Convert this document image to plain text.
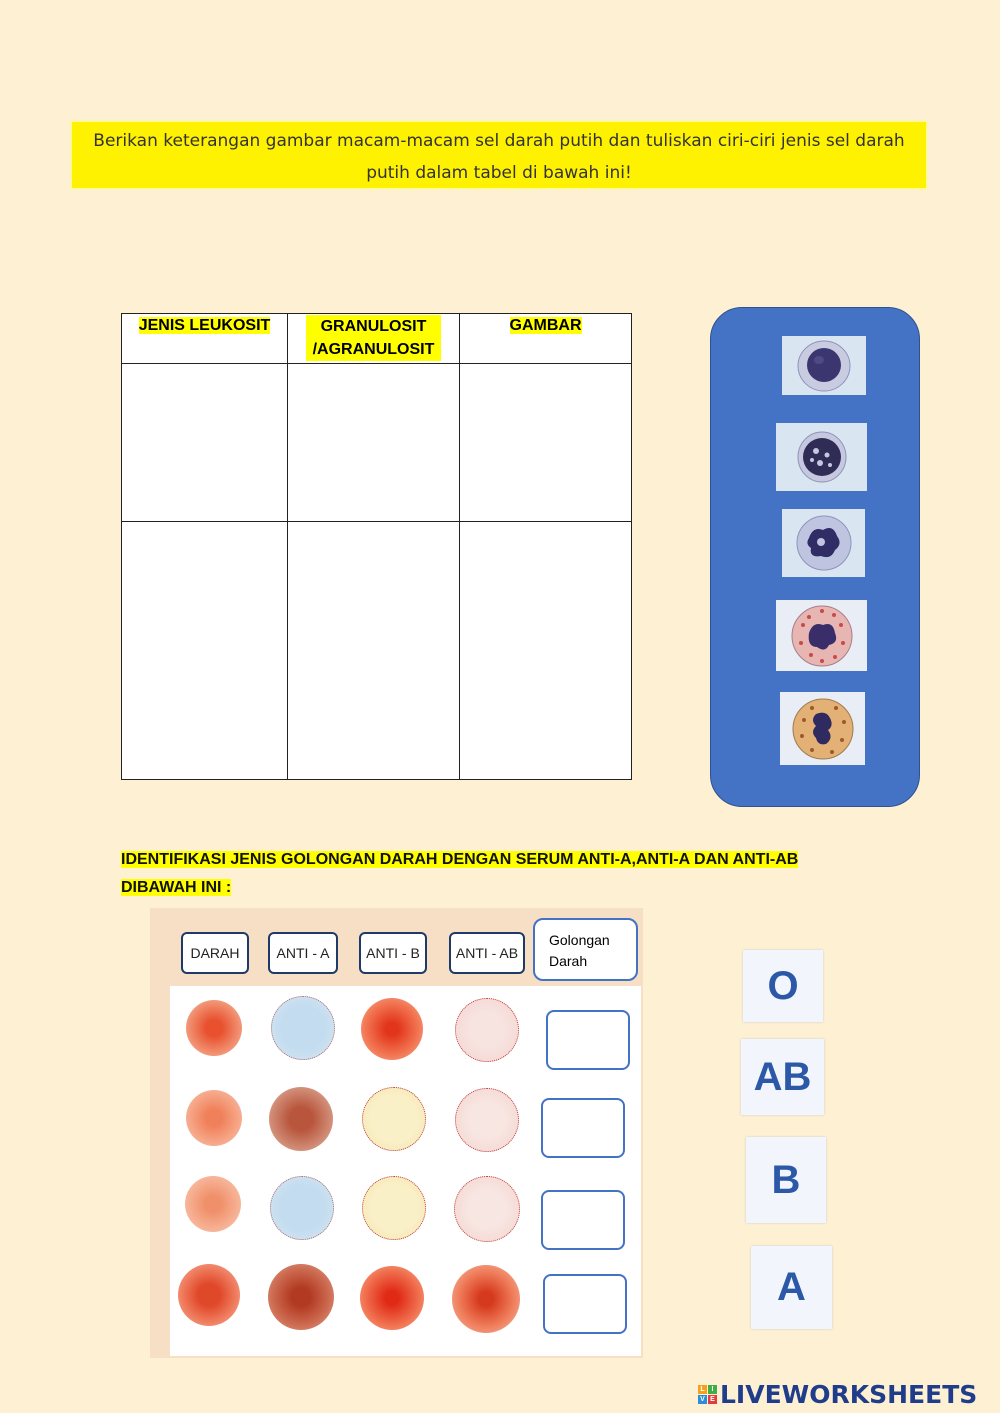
Berikan keterangan gambar macam-macam sel darah putih dan tuliskan ciri-ciri jenis sel darah putih dalam tabel di bawah ini!
JENIS LEUKOSIT	GRANULOSIT /AGRANULOSIT	GAMBAR

IDENTIFIKASI JENIS GOLONGAN DARAH DENGAN SERUM ANTI-A,ANTI-A DAN ANTI-AB DIBAWAH INI :
DARAH	ANTI - A	ANTI - B	ANTI - AB
Golongan
Darah
O
AB
B
A
L I
V E LIVEWORKSHEETS
